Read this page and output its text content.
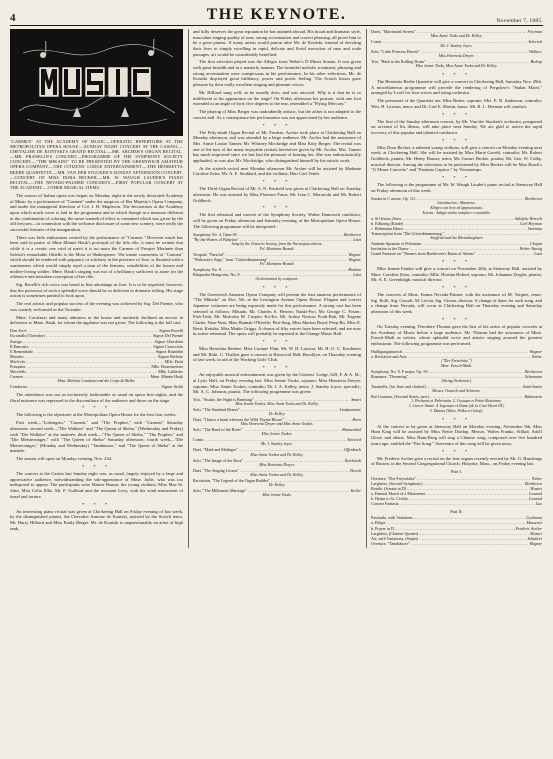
4	THE KEYNOTE.	November 7, 1885.
"CARMEN" AT THE ACADEMY OF MUSIC.—OPERATIC REPERTOIRE AT THE METROPOLITAN OPERA HOUSE.—SUNDAY NIGHT CONCERT AT THE CASINO.—CHEVALIER DE KONTSKI'S GRAND RECITAL.—MR. ARCHER'S ORGAN RECITAL.—MR. FRANKLIN'S CONCERT.—PROGRAMME OF THE SYMPHONY SOCIETY CONCERT.—"THE MIKADO" TO BE PRESENTED BY THE GREENWICH AMATEUR OPERA COMPANY.—THE CITIZENS' LODGE ENTERTAINMENT.—THE HENRIETTA BEEBE QUARTETTE.—MR. VAN DER STUCKEN'S SUNDAY AFTERNOON CONCERT.—CONCERT OF MISS DORA BECKER.—MR. W. WAUGH LAUDER'S PIANO RECITAL.—THE NEVADO-PALMER CONCERTS.—FIRST POPULAR CONCERT AT THE ACADEMY.—OTHER MUSICAL ITEMS.

The season of Italian opera was begun on Monday night at the newly decorated Academy of Music by a performance of "Carmen" under the auspices of Her Majesty's Opera Company, and under the managerial direction of Col. J. H. Mapleson. The decorations at the Academy upon which much cover is laid in the programme and in which though in a measure different in the combination of coloring, the same warmth of effect is contained which was given by the old frescoes—in connection with the welcome disclosure of some new scenery, were really the successful features of the inauguration.

There was little enthusiasm created by the performance of "Carmen." However much has been said in praise of Mme Minnie Hauk's portrayal of the title rôle, it must be written that while it is a creatic one void of merit it is no more the Carmen of Prosper Merimée than Salvini's remarkable Othello is the Moor of Shakespeare. The innate coarseness of "Carmen" which should be rendered with piquancy or witchery in the presence of Jose, is flaunted with a wantonness which would simply repel a man of the features, sensibilities of the honest and mother-loving soldier. Mme. Hauk's singing was not of a brilliancy sufficient to atone for the offensive and mistaken conception of her rôle.

Sig. Ravelli's rich voice was heard to fine advantage as Jose. It is to be regretted, however, that the possessor of such a splendid voice should be so deficient in dramatic telling. His stage action is sometimes painful to look upon.

The real artistic and popular success of the evening was achieved by Sig. Del Puente, who was warmly welcomed as the Toreador.

Mme. Cavalazzi and many admirers in the house and modestly declined an encore in deference to Mme. Hauk, for whom the applause was not given. The following is the full cast:

Don Jos-é .....	Signor Ravelli
Escamillo (Toreador) .....	Signor Del Puente
Zuniga .....	Signor Cherubini
Il Dancairo .....	Signor Caracciolo
Il Remendado .....	Signor Rinaldini
Morales .....	Signor Bieletto
Mich-ela .....	Mlle. Dotti
Frasquita .....	Mlle. Bauermeister
Mercédès .....	Mlle. Lablache
Carmen .....	Mme. Minnie Hauk
Mme. Malvina Cavalazzi and the Corps de Ballet.
Conductor .....	Signor Arditi

The attendance was not as exclusively fashionable as usual on opera first nights, and the floral nuisance was repressed to the discomfiture of the audience and those on the stage.

* * *

The following is the répertoire at the Metropolitan Opera House for the first four weeks:

First week—"Lohengrin," "Carmen," and "The Prophet," with "Carmen" Saturday afternoon; second week—"Die Walküre" and "The Queen of Sheba," (Wednesday and Friday) with "Die Walküre" at the matinée; third week—"The Queen of Sheba," "The Prophet," and "Die Meistersinger," with "The Queen of Sheba" Saturday afternoon; fourth week—"Die Meistersinger," (Monday and Wednesday) "Tannhäuser," and "The Queen of Sheba" at the matinée.

The season will open on Monday evening, Nov. 23d.

* * *

The concert at the Casino last Sunday night was, as usual, largely enjoyed by a large and appreciative audience, notwithstanding the sub-appearance of Mme. Judic, who was too indisposed to appear. The participants were Master Hauser, the young violinist; Miss Mae St. John, Miss Celia Ellis, Mr. F. Guillard and the resonant Levy, with his wind instrument of tinsel and torture.

* * *

An interesting piano recital was given at Chickering Hall on Friday evening of last week, by the distinguished pianist, the Chevalier Antoine de Kontski, assisted by the Scotch tenor, Mr. Harry Hilliard and Miss Emily Berger. Mr. de Kontski is unquestionably an artist of high rank,

and fully deserves the great reputation he has attained abroad. His broad and dramatic style, masculine singing quality of tone, strong accentuation and correct phrasing, all prove him to be a great pianist. If many artists would patron after Mr. de Kontski, instead of devoting their lives to simply excelling in rapid, delicate and florid execution of runs and scale passages, art would be considerably benefited.

The first selection played was the Allegro from Weber's D Minor Sonata. It was given with great breadth and in a masterly manner. The beautiful melodic treatment, phrasing and strong accentuation were conspicuous in his performance. In his other selections, Mr. de Kontski displayed great brilliancy, power and poetic feeling. The Scotch hisses gave pleasure by their really excellent singing and pleasant voices.

Mr. Hilliard sang well, as he usually does, and was encored. Why is it that he is so indifferent to his appearance on the stage? On Friday afternoon his posture, with one foot extended at an angle of forty five degrees to the rear, resembled a "Flying Mercury."

The playing of Miss Berger was undoubtedly artistic, but the zither is not adapted to the concert hall. As a consequence her performance was not appreciated by her audience.

* * *

The Fifty-ninth Organ Recital of Mr. Frederic Archer took place at Chickering Hall on Monday afternoon, and was attended by a large audience. Mr. Archer had the assistance of Mrs. Annie Louise Tanner, Mr. Whitney Mockridge and Miss Kitty Berger. The recital was one of the best of the many enjoyable recitals heretofore given by Mr. Archer. Mrs. Tanner has much improved since we last had the pleasure of hearing her. She was enthusiastically applauded, as was also Mr. Mockridge, who distinguished himself by his artistic work.

At the sixtieth recital next Monday afternoon Mr. Archer will be assisted by Madame Caroline Zeiss, Mr. A. E. Stoddard, and the violinist, Herr Carl Venth.

* * *

The Third Organ Recital of Mr. S. N. Penfield was given at Chickering Hall on Tuesday afternoon. He was assisted by Miss Florence Parus, Mr. Ivan C. Morawski and Mr. Robert Goldbeck.

* * *

The first rehearsal and concert of the Symphony Society, Walter Damrosch conductor, will be given on Friday afternoon and Saturday evening, at the Metropolitan Opera House. The following programme will be interpreted :

Symphony No. 4, Opus 60 .....	Beethoven
"By the Waters of Babylon" .....	Liszt
Sung by the Oratorio Society, from the Norwegian chorus.
Frl. Marianne Brandt.
Vorspiel, "Parsifal" .....	Wagner
"Waltraute's Sage," from "Götterdämmerung" .....	Wagner
Frl. Marianne Brandt.
Symphony No. 8 .....	Brahms
Rhapsodie Hongroise, No. 8 .....	Liszt
Orchestration by composer.
* * *

The Greenwich Amateur Opera Company will present the first amateur performance of "The Mikado" on Dec. 5th, at the Lexington Avenue Opera House. Elegant and correct Japanese costumes are being expressly made for this performance. A strong cast has been selected as follows: Mikado, Mr. Charles A. Hewett; Nanki-Poo, Mr. George C. Foster; Pish-Tush, Mr. Malcolm M. Cooper; Ko-Ko, Mr. Arthur Norton; Pooh-Bah, Mr. Eugene Clarke; Yum-Yum, Miss Hannah O'Keeffe; Pitti-Sing, Miss Marion Boyd; Peep-Bo, Miss E. Brett; Katisha, Miss Mattie Griggs. A chorus of fifty voices have been selected, and are now in active rehearsal. The opera will probably be repeated at the Orange Music Hall.

* * *

Miss Henrietta Beebee, Miss Corinne Flint, Mr. W. H. Lawton, Mr. H. O. C. Kortheuer and Mr. Robt. C. Thallon gave a concert at Historical Hall, Brooklyn, on Thursday evening of last week, in aid of the Working Girls' Club.

* * *

An enjoyable musical entertainment was given by the Citizens' Lodge, 629, F. & A. M., at Lyric Hall, on Friday evening last. Miss Jennie Tooks, soprano; Miss Henrietta Dreyer, soprano; Miss Annie Tookes, contralto; Dr. J. A. Kelley, tenor; J. Stanley Joyce, specially; Mr. A. C. Johnson, pianist. The following programme was given:

Trio, "Awake, the Night is Beaming" .....	Smart
Miss Jennie Tookes, Miss Annie Tooks and Dr. Kelley.
Solo, "The Standard Bearer" .....	Lindpaintner
Dr. Kelley.
Duet, "I know a bank whereon the Wild Thyme Blows" .....	Horn
Miss Henrietta Dreyer and Miss Annie Tookes.
Solo, "The Bend of the River" .....	Blumenthal
Miss Jennie Tookes.
Comic .....	Selected
Mr. J. Stanley Joyce.
Duet, "Maid and Malinger" .....	Offenbach
Miss Annie Tookes and Dr. Kelley.
Solo, "The Image of the Rose" .....	Reichardt
Miss Henrietta Dreyer.
Duet, "The Singing Lesson" .....	Hewitt
Miss Annie Tookes and Dr. Kelley.
Recitation, "The Legend of the Organ Builder"
.....
Dr. Kelley.
Solo, "The Milkman's Marriage" .....	Keller
Miss Jennie Tooks.
Duett, "Martinsdal Sweets" .....	Freeman
Miss Annie Tooks and Dr. Kelley.
Comic .....	Selected
Mr. J. Stanley Joyce.
Solo, "Little Princess Pinsett" .....	Wallace
Miss Henrietta Dreyer.
Trio, "Hark to the Rolling Drum" .....	Bishop
Miss Jennie Tooks, Miss Annie Tooks and Dr. Kelley.
* * *

The Henrietta Beebe Quartette will give a concert in Chickering Hall, Saturday Nov. 29th. A miscellaneous programme will precede the rendering of Pergolese's "Stabat Mater," arranged by Lvoff for four voices and string orchestra.

The personnel of the Quartette are, Miss Beebe, soprano; Mrs. E. B. Anderson, contralto; Wm. H. Lawton, tenor, and Dr. Carl E. Martin, basso. Mr. R. L. Herman will conduct.

* * *

The first of the Sunday afternoon concert, by Mr. Van der Stucken's orchestra, postponed on account of his illness, will take place next Sunday. We are glad to notice the rapid recovery of this popular and talented conductor.

* * *

Miss Dora Becker, a talented young violinist, will give a concert on Monday evening next week, at Chickering Hall. She will be assisted by Miss Marie Groebl, contralto; Mr. Robert Goldbeck, pianist; Mr. Henry Hauser, tenor; Mr. Gustav Becker, pianist; Mr. Geo. W. Colby, musical director. Among the selections to be performed by Miss Becker will be Max Bruch's "G Minor Concerto" and "Fantasia Caprice," by Vieuxtemps.

* * *

The following is the programme of Mr. W. Waugh Lauder's piano recital at Steinway Hall on Friday afternoon of this week.

Sonata in C minor, Op. 111 .....	Beethoven
Introduction ; Maestoso.
Allegro con brio ed appassionato.
Arietta : Adagio molto semplice e cantabile.
a. Si Oiseau j'étais .....	Adolphe Henselt
b. Erlkonig (Kinde) .....	Carl Heyman
c. Bohemian Dance .....	Smetana
Transcription from "Die Götterdämmerung,"
.....
Siegfried and the Rheindaughters
Andante Spianato et Polonaise .....	Chopin
Invitation to the Dance .....	Weber-Tausig
Grand Fantasie on "Themes from Beethoven's Ruins of Athens" .....	Liszt
* * *

Miss Jeanne Franko will give a concert on November 20th, at Steinway Hall, assisted by Mme. Caroline Zeiss, contralto; Mlle. Hortina Hohrel, soprano; Mr. Johannes Ziegler, pianist; Mr. A. E. Greenhalgh, musical director.

* * *

The concerts of Mme. Emma Nevada-Palmer, with the assistance of M. Vergnet, tenor; Sig. Bolli, Sig. Cassali, M. Levita, Sig. Giorza, director. A change of dates for each song, and a change from Nevada, will occur at Chickering Hall on Thursday evening and Saturday afternoon of this week.

* * *

On Tuesday evening, Theodore Thomas gave the first of his series of popular concerts at the Academy of Music before a large audience. Mr. Thomas had the assistance of Mme. Fursch-Madi as soloist, whose splendid voice and artistic singing aroused the greatest enthusiasm. The following programme was performed.

Huldigungsmarsch .....	Wagner
a. Recitative and Aria .....	Weber
("Der Freischütz.")
Mme. Fursch-Madi.
Symphony, No. 8, F major, Op. 93 .....	Beethoven
Romance, "Dreaming" .....	Schumann
(String Orchestra.)
Tarantelle, (for flute and clarinet) .....	Saint-Saëns
Messrs. Oesterle and Schreurs.
Bal Costume, (Second Series, new) .....	Rubinstein
1. Pecheuse et Pelerinain. 2. Cosaque et Petite Russienne.
3. Lion et Aimee. 4. Ingenuee et Dame (de la Cour Henri III.)
5. Danses (Valse, Polka et Galop).
* * *

At the concert to be given at Steinway Hall on Monday evening, November 9th, Miss Hum King will be assisted by Miss Nettie Dunlap, Messrs. Walen Franko, Stillad, Adolf Glose, and others. Miss Hum-King will sing a Chinese song, composed over five hundred years ago, entitled the "Fan Song." Souvenirs of this song will be given away.

* * *

Mr. Frederic Archer gave a recital on the four organs recently erected by Mr. G. Hutchings of Boston, in the Second Congregational Church, Holyoke, Mass., on Friday evening last.

Part I.
Overture, "Der Freyschütz" .....	Weber
Larghetto, (Second Symphony) .....	Beethoven
Rondo, (Sonata in D) .....	Mozart
a. Funeral March of a Marionette .....	Gounod
b. Hymn to St. Cecilia .....	Gounod
Concert Fantasia .....	Lux
Part II.
Pastorale, with Variations .....	Guilmant
a. Elégie .....	Massenet
b. Prayer in D .....	Frederic Archer
Larghetto, (Clarinet Quintet) .....	Mozart
Air, with Variations, (Septet) .....	Schubert
Overture, "Tannhäuser" .....	Wagner
